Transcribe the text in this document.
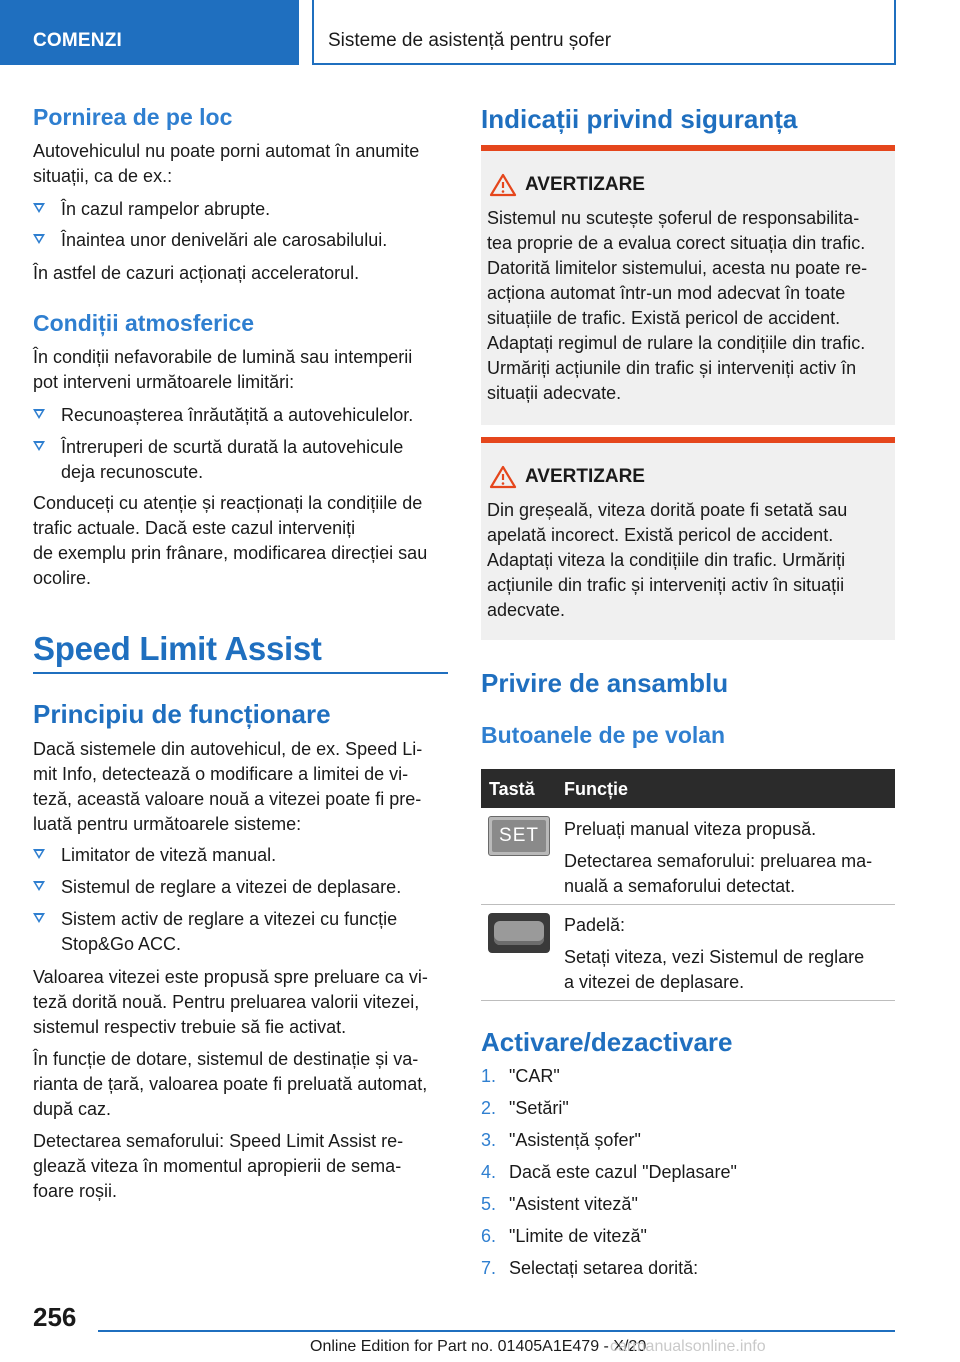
COMENZI	Sisteme de asistență pentru șofer
Pornirea de pe loc
Autovehiculul nu poate porni automat în anumite
situații, ca de ex.:
În cazul rampelor abrupte.
Înaintea unor denivelări ale carosabilului.
În astfel de cazuri acționați acceleratorul.
Condiții atmosferice
În condiții nefavorabile de lumină sau intemperii
pot interveni următoarele limitări:
Recunoașterea înrăutățită a autovehiculelor.
Întreruperi de scurtă durată la autovehicule
deja recunoscute.
Conduceți cu atenție și reacționați la condițiile de
trafic actuale. Dacă este cazul interveniți
de exemplu prin frânare, modificarea direcției sau
ocolire.
Speed Limit Assist
Principiu de funcționare
Dacă sistemele din autovehicul, de ex. Speed Li-
mit Info, detectează o modificare a limitei de vi-
teză, această valoare nouă a vitezei poate fi pre-
luată pentru următoarele sisteme:
Limitator de viteză manual.
Sistemul de reglare a vitezei de deplasare.
Sistem activ de reglare a vitezei cu funcție
Stop&Go ACC.
Valoarea vitezei este propusă spre preluare ca vi-
teză dorită nouă. Pentru preluarea valorii vitezei,
sistemul respectiv trebuie să fie activat.
În funcție de dotare, sistemul de destinație și va-
rianta de țară, valoarea poate fi preluată automat,
după caz.
Detectarea semaforului: Speed Limit Assist re-
glează viteza în momentul apropierii de sema-
foare roșii.
Indicații privind siguranța
AVERTIZARE
Sistemul nu scutește șoferul de responsabilita-
tea proprie de a evalua corect situația din trafic.
Datorită limitelor sistemului, acesta nu poate re-
acționa automat într-un mod adecvat în toate
situațiile de trafic. Există pericol de accident.
Adaptați regimul de rulare la condițiile din trafic.
Urmăriți acțiunile din trafic și interveniți activ în
situații adecvate.
AVERTIZARE
Din greșeală, viteza dorită poate fi setată sau
apelată incorect. Există pericol de accident.
Adaptați viteza la condițiile din trafic. Urmăriți
acțiunile din trafic și interveniți activ în situații
adecvate.
Privire de ansamblu
Butoanele de pe volan
Tastă Funcție
SET	Preluați manual viteza propusă.
Detectarea semaforului: preluarea ma-
nuală a semaforului detectat.
Padelă:
Setați viteza, vezi Sistemul de reglare
a vitezei de deplasare.
Activare/dezactivare
1. "CAR"
2. "Setări"
3. "Asistență șofer"
4. Dacă este cazul "Deplasare"
5. "Asistent viteză"
6. "Limite de viteză"
7. Selectați setarea dorită:
256
Online Edition for Part no. 01405A1E479 - X/20
carmanualsonline.info
